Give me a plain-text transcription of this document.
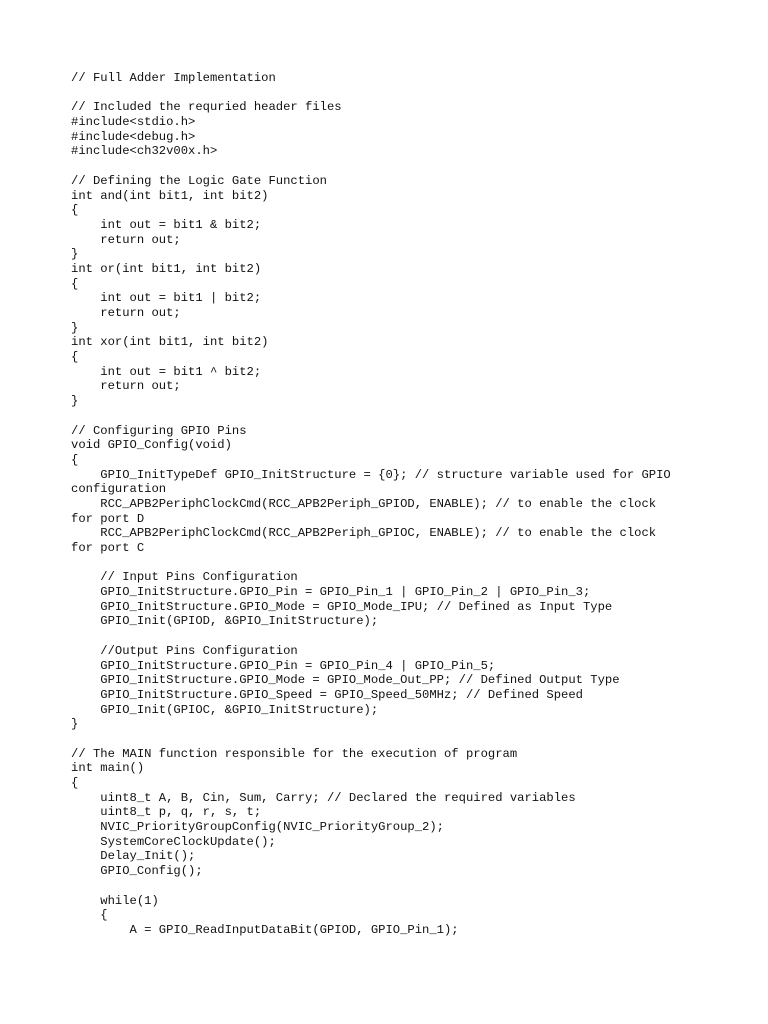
// Full Adder Implementation
// Included the requried header files
#include<stdio.h>
#include<debug.h>
#include<ch32v00x.h>
// Defining the Logic Gate Function
int and(int bit1, int bit2)
{
int out = bit1 & bit2;
return out;
}
int or(int bit1, int bit2)
{
int out = bit1 | bit2;
return out;
}
int xor(int bit1, int bit2)
{
int out = bit1 ^ bit2;
return out;
}
// Configuring GPIO Pins
void GPIO_Config(void)
{
GPIO_InitTypeDef GPIO_InitStructure = {0}; // structure variable used for GPIO
configuration
RCC_APB2PeriphClockCmd(RCC_APB2Periph_GPIOD, ENABLE); // to enable the clock
for port D
RCC_APB2PeriphClockCmd(RCC_APB2Periph_GPIOC, ENABLE); // to enable the clock
for port C
// Input Pins Configuration
GPIO_InitStructure.GPIO_Pin = GPIO_Pin_1 | GPIO_Pin_2 | GPIO_Pin_3;
GPIO_InitStructure.GPIO_Mode = GPIO_Mode_IPU; // Defined as Input Type
GPIO_Init(GPIOD, &GPIO_InitStructure);
//Output Pins Configuration
GPIO_InitStructure.GPIO_Pin = GPIO_Pin_4 | GPIO_Pin_5;
GPIO_InitStructure.GPIO_Mode = GPIO_Mode_Out_PP; // Defined Output Type
GPIO_InitStructure.GPIO_Speed = GPIO_Speed_50MHz; // Defined Speed
GPIO_Init(GPIOC, &GPIO_InitStructure);
}
// The MAIN function responsible for the execution of program
int main()
{
uint8_t A, B, Cin, Sum, Carry; // Declared the required variables
uint8_t p, q, r, s, t;
NVIC_PriorityGroupConfig(NVIC_PriorityGroup_2);
SystemCoreClockUpdate();
Delay_Init();
GPIO_Config();
while(1)
{
A = GPIO_ReadInputDataBit(GPIOD, GPIO_Pin_1);
